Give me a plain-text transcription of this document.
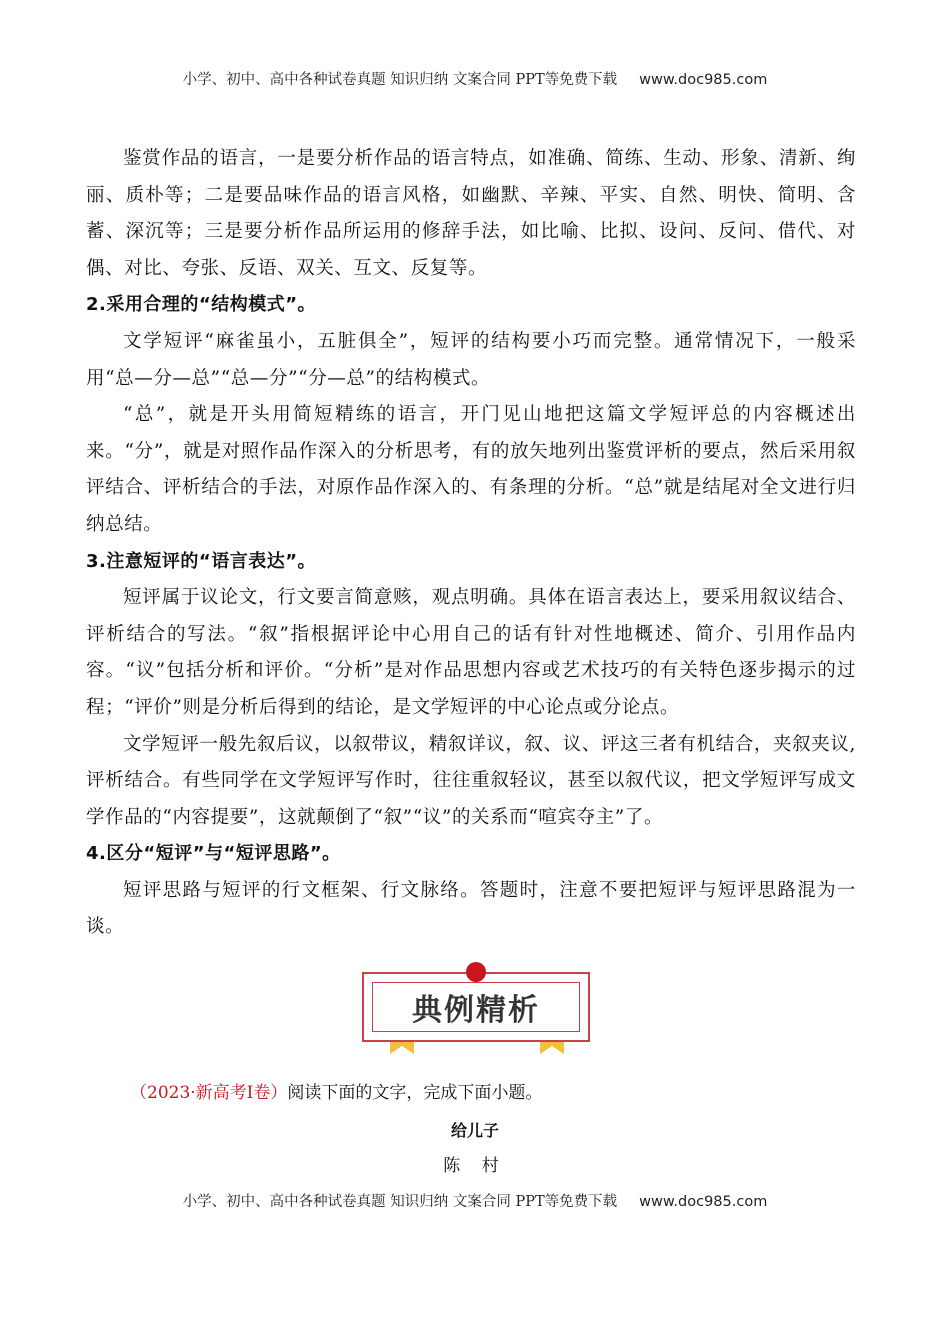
小学、初中、高中各种试卷真题 知识归纳 文案合同 PPT等免费下载 www.doc985.com

鉴赏作品的语言，一是要分析作品的语言特点，如准确、简练、生动、形象、清新、绚丽、质朴等；二是要品味作品的语言风格，如幽默、辛辣、平实、自然、明快、简明、含蓄、深沉等；三是要分析作品所运用的修辞手法，如比喻、比拟、设问、反问、借代、对偶、对比、夸张、反语、双关、互文、反复等。

2.采用合理的“结构模式”。

文学短评“麻雀虽小，五脏俱全”，短评的结构要小巧而完整。通常情况下，一般采用“总—分—总”“总—分”“分—总”的结构模式。

“总”，就是开头用简短精练的语言，开门见山地把这篇文学短评总的内容概述出来。“分”，就是对照作品作深入的分析思考，有的放矢地列出鉴赏评析的要点，然后采用叙评结合、评析结合的手法，对原作品作深入的、有条理的分析。“总”就是结尾对全文进行归纳总结。

3.注意短评的“语言表达”。

短评属于议论文，行文要言简意赅，观点明确。具体在语言表达上，要采用叙议结合、评析结合的写法。“叙”指根据评论中心用自己的话有针对性地概述、简介、引用作品内容。“议”包括分析和评价。“分析”是对作品思想内容或艺术技巧的有关特色逐步揭示的过程；“评价”则是分析后得到的结论，是文学短评的中心论点或分论点。

文学短评一般先叙后议，以叙带议，精叙详议，叙、议、评这三者有机结合，夹叙夹议,评析结合。有些同学在文学短评写作时，往往重叙轻议，甚至以叙代议，把文学短评写成文学作品的“内容提要”，这就颠倒了“叙”“议”的关系而“喧宾夺主”了。

4.区分“短评”与“短评思路”。

短评思路与短评的行文框架、行文脉络。答题时，注意不要把短评与短评思路混为一谈。

典例精析
（2023·新高考Ⅰ卷）阅读下面的文字，完成下面小题。
给儿子
陈 村
小学、初中、高中各种试卷真题 知识归纳 文案合同 PPT等免费下载 www.doc985.com
